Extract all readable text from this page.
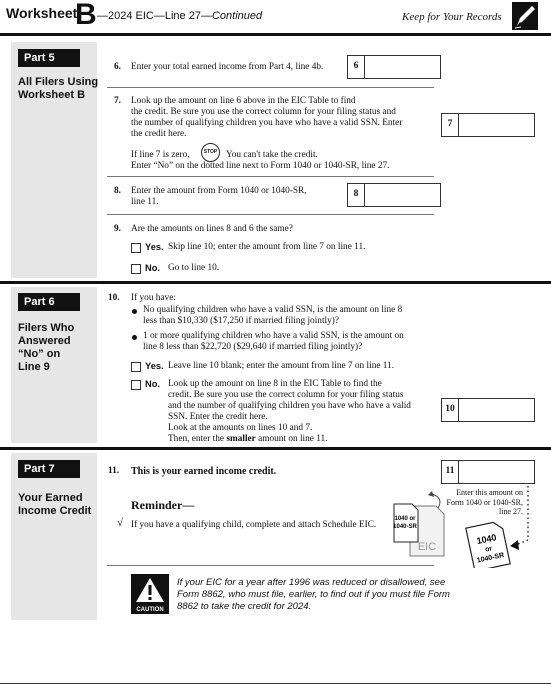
Worksheet
B —2024 EIC—Line 27—Continued	Keep for Your Records
Part 5
All Filers Using
Worksheet B
6. Enter your total earned income from Part 4, line 4b.	6
7. Look up the amount on line 6 above in the EIC Table to find
the credit. Be sure you use the correct column for your filing status and
the number of qualifying children you have who have a valid SSN. Enter
the credit here.
7
If line 7 is zero,	STOP You can't take the credit.
Enter “No” on the dotted line next to Form 1040 or 1040-SR, line 27.
8. Enter the amount from Form 1040 or 1040-SR,
line 11.
8
9. Are the amounts on lines 8 and 6 the same?
Yes. Skip line 10; enter the amount from line 7 on line 11.
No. Go to line 10.
Part 6
Filers Who
Answered
“No” on
Line 9
10. If you have:
No qualifying children who have a valid SSN, is the amount on line 8
less than $10,330 ($17,250 if married filing jointly)?
1 or more qualifying children who have a valid SSN, is the amount on
line 8 less than $22,720 ($29,640 if married filing jointly)?
Yes. Leave line 10 blank; enter the amount from line 7 on line 11.
No. Look up the amount on line 8 in the EIC Table to find the
credit. Be sure you use the correct column for your filing status
and the number of qualifying children you have who have a valid
SSN. Enter the credit here.
Look at the amounts on lines 10 and 7.
Then, enter the smaller amount on line 11.
10
Part 7
Your Earned
Income Credit
11. This is your earned income credit.	11
Enter this amount on
Form 1040 or 1040-SR,
line 27.
Reminder—
√ If you have a qualifying child, complete and attach Schedule EIC.
EIC
1040 or
1040-SR
1040
or
1040-SR
CAUTION
If your EIC for a year after 1996 was reduced or disallowed, see
Form 8862, who must file, earlier, to find out if you must file Form
8862 to take the credit for 2024.
